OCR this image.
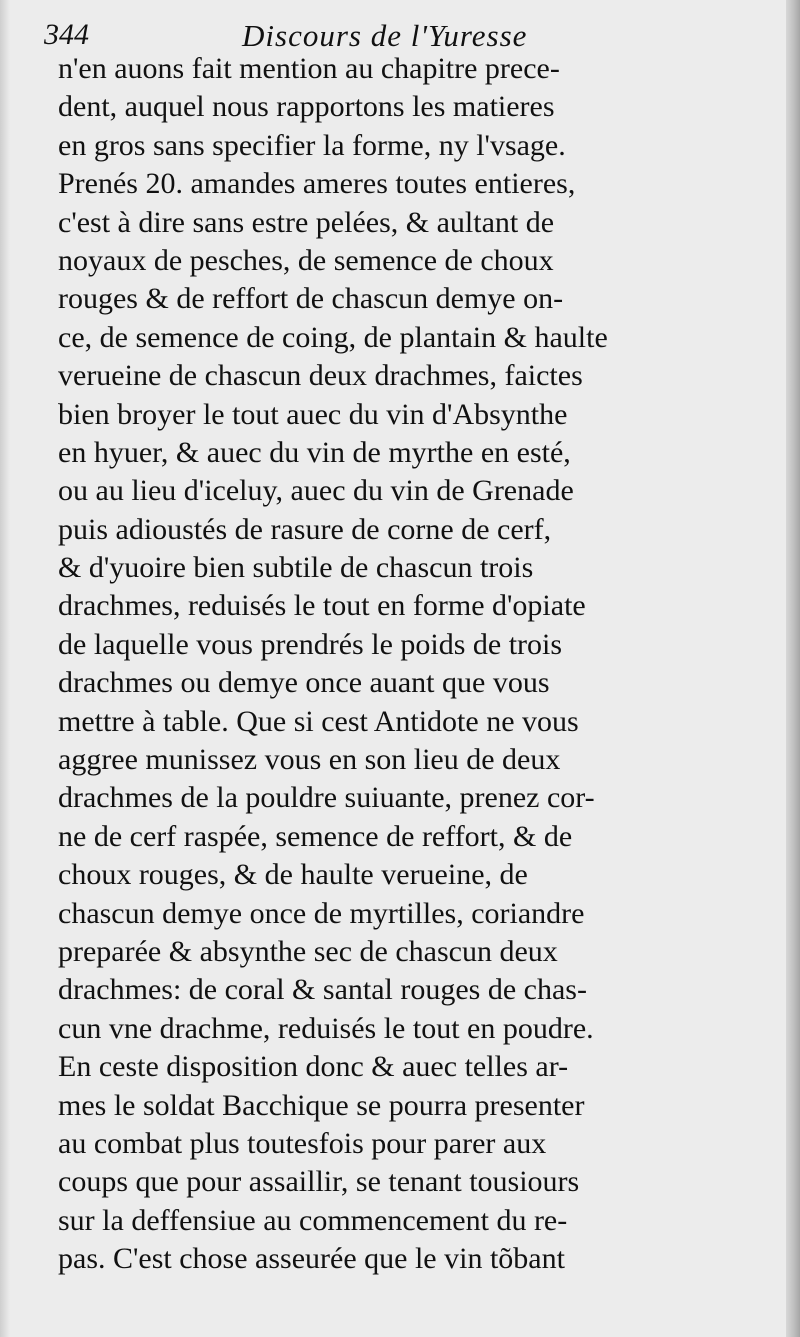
344	Discours de l'Yuresse
n'en auons fait mention au chapitre prece-
dent, auquel nous rapportons les matieres
en gros sans specifier la forme, ny l'vsage.
Prenés 20. amandes ameres toutes entieres,
c'est à dire sans estre pelées, & aultant de
noyaux de pesches, de semence de choux
rouges & de reffort de chascun demye on-
ce, de semence de coing, de plantain & haulte
verueine de chascun deux drachmes, faictes
bien broyer le tout auec du vin d'Absynthe
en hyuer, & auec du vin de myrthe en esté,
ou au lieu d'iceluy, auec du vin de Grenade
puis adioustés de rasure de corne de cerf,
& d'yuoire bien subtile de chascun trois
drachmes, reduisés le tout en forme d'opiate
de laquelle vous prendrés le poids de trois
drachmes ou demye once auant que vous
mettre à table. Que si cest Antidote ne vous
aggree munissez vous en son lieu de deux
drachmes de la pouldre suiuante, prenez cor-
ne de cerf raspée, semence de reffort, & de
choux rouges, & de haulte verueine, de
chascun demye once de myrtilles, coriandre
preparée & absynthe sec de chascun deux
drachmes: de coral & santal rouges de chas-
cun vne drachme, reduisés le tout en poudre.
En ceste disposition donc & auec telles ar-
mes le soldat Bacchique se pourra presenter
au combat plus toutesfois pour parer aux
coups que pour assaillir, se tenant tousiours
sur la deffensiue au commencement du re-
pas. C'est chose asseurée que le vin tõbant
